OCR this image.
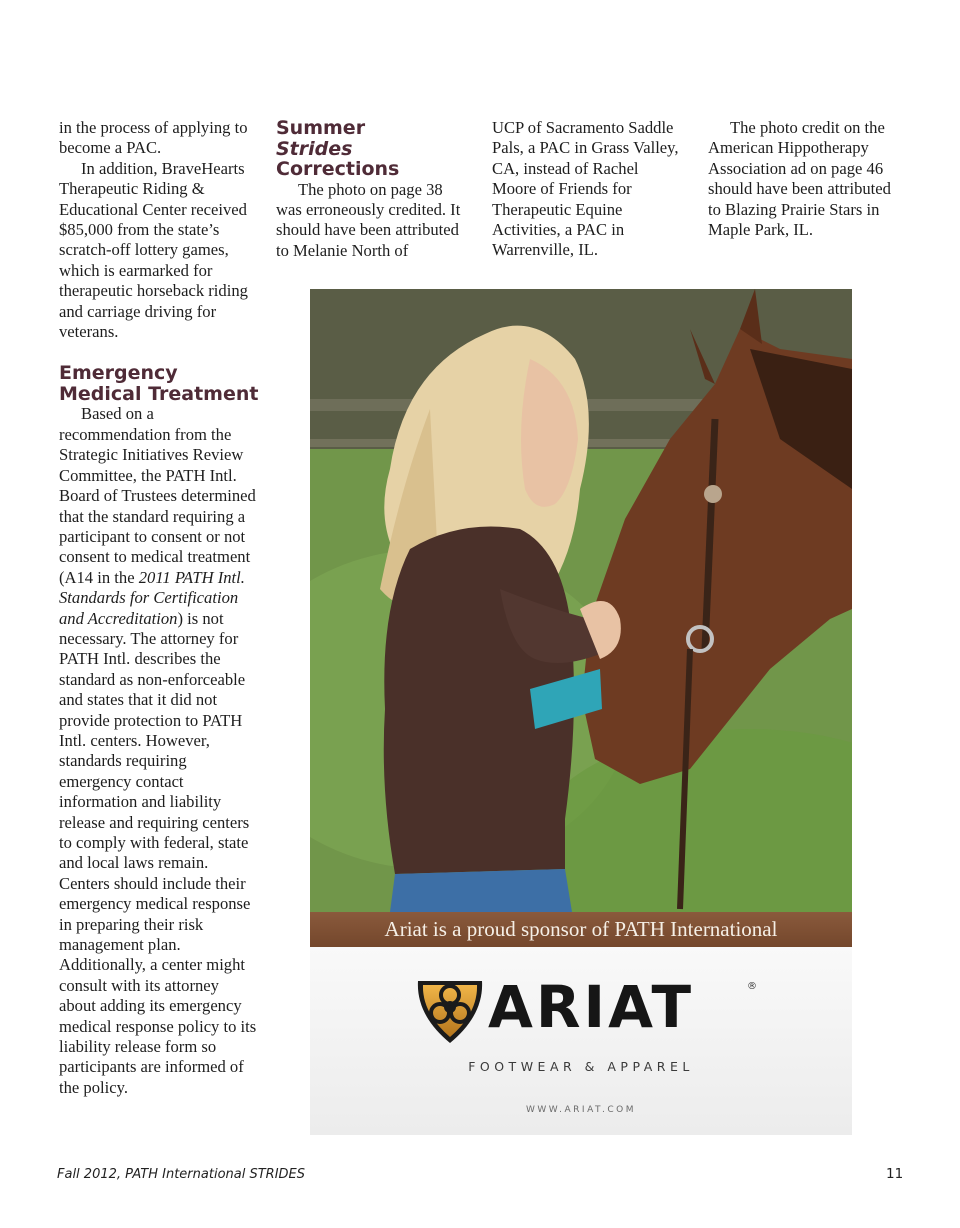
in the process of applying to become a PAC.

In addition, BraveHearts Therapeutic Riding & Educational Center received $85,000 from the state’s scratch-off lottery games, which is earmarked for therapeutic horseback riding and carriage driving for veterans.

Emergency
Medical Treatment

Based on a recommendation from the Strategic Initiatives Review Committee, the PATH Intl. Board of Trustees determined that the standard requiring a participant to consent or not consent to medical treatment (A14 in the 2011 PATH Intl. Standards for Certification and Accreditation) is not necessary. The attorney for PATH Intl. describes the standard as non-enforceable and states that it did not provide protection to PATH Intl. centers. However, standards requiring emergency contact information and liability release and requiring centers to comply with federal, state and local laws remain. Centers should include their emergency medical response in preparing their risk management plan. Additionally, a center might consult with its attorney about adding its emergency medical response policy to its liability release form so participants are informed of the policy.

Summer
Strides
Corrections

The photo on page 38 was erroneously credited. It should have been attributed to Melanie North of

UCP of Sacramento Saddle Pals, a PAC in Grass Valley, CA, instead of Rachel Moore of Friends for Therapeutic Equine Activities, a PAC in Warrenville, IL.

The photo credit on the American Hippotherapy Association ad on page 46 should have been attributed to Blazing Prairie Stars in Maple Park, IL.

Ariat is a proud sponsor of PATH International
ARIAT	®
FOOTWEAR & APPAREL
WWW.ARIAT.COM
Fall 2012, PATH International STRIDES	11
